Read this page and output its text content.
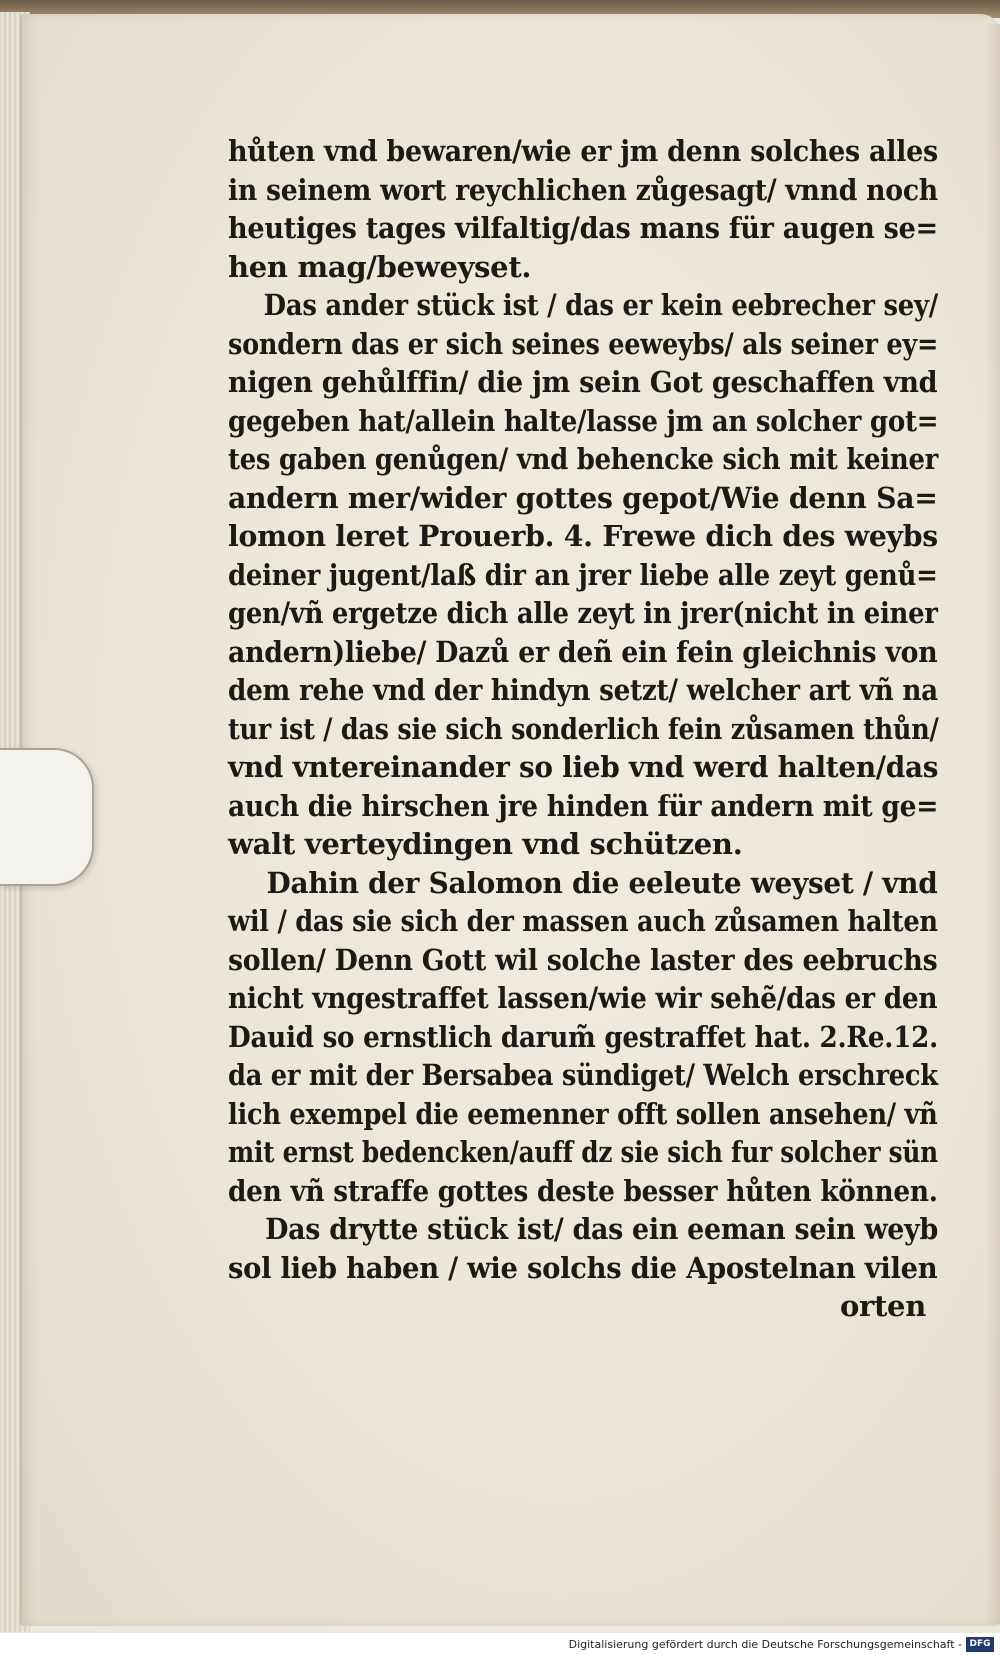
hůten vnd bewaren/wie er jm denn solches alles
in seinem wort reychlichen zůgesagt/ vnnd noch
heutiges tages vilfaltig/das mans für augen se=
hen mag/beweyset.
Das ander stück ist / das er kein eebrecher sey/
sondern das er sich seines eeweybs/ als seiner ey=
nigen gehůlffin/ die jm sein Got geschaffen vnd
gegeben hat/allein halte/lasse jm an solcher got=
tes gaben genůgen/ vnd behencke sich mit keiner
andern mer/wider gottes gepot/Wie denn Sa=
lomon leret Prouerb. 4. Frewe dich des weybs
deiner jugent/laß dir an jrer liebe alle zeyt genů=
gen/vñ ergetze dich alle zeyt in jrer(nicht in einer
andern)liebe/ Dazů er deñ ein fein gleichnis von
dem rehe vnd der hindyn setzt/ welcher art vñ na
tur ist / das sie sich sonderlich fein zůsamen thůn/
vnd vntereinander so lieb vnd werd halten/das
auch die hirschen jre hinden für andern mit ge=
walt verteydingen vnd schützen.
Dahin der Salomon die eeleute weyset / vnd
wil / das sie sich der massen auch zůsamen halten
sollen/ Denn Gott wil solche laster des eebruchs
nicht vngestraffet lassen/wie wir sehẽ/das er den
Dauid so ernstlich darum̃ gestraffet hat. 2.Re.12.
da er mit der Bersabea sündiget/ Welch erschreck
lich exempel die eemenner offt sollen ansehen/ vñ
mit ernst bedencken/auff dz sie sich fur solcher sün
den vñ straffe gottes deste besser hůten können.
Das drytte stück ist/ das ein eeman sein weyb
sol lieb haben / wie solchs die Apostelnan vilen
orten
Digitalisierung gefördert durch die Deutsche Forschungsgemeinschaft - DFG
